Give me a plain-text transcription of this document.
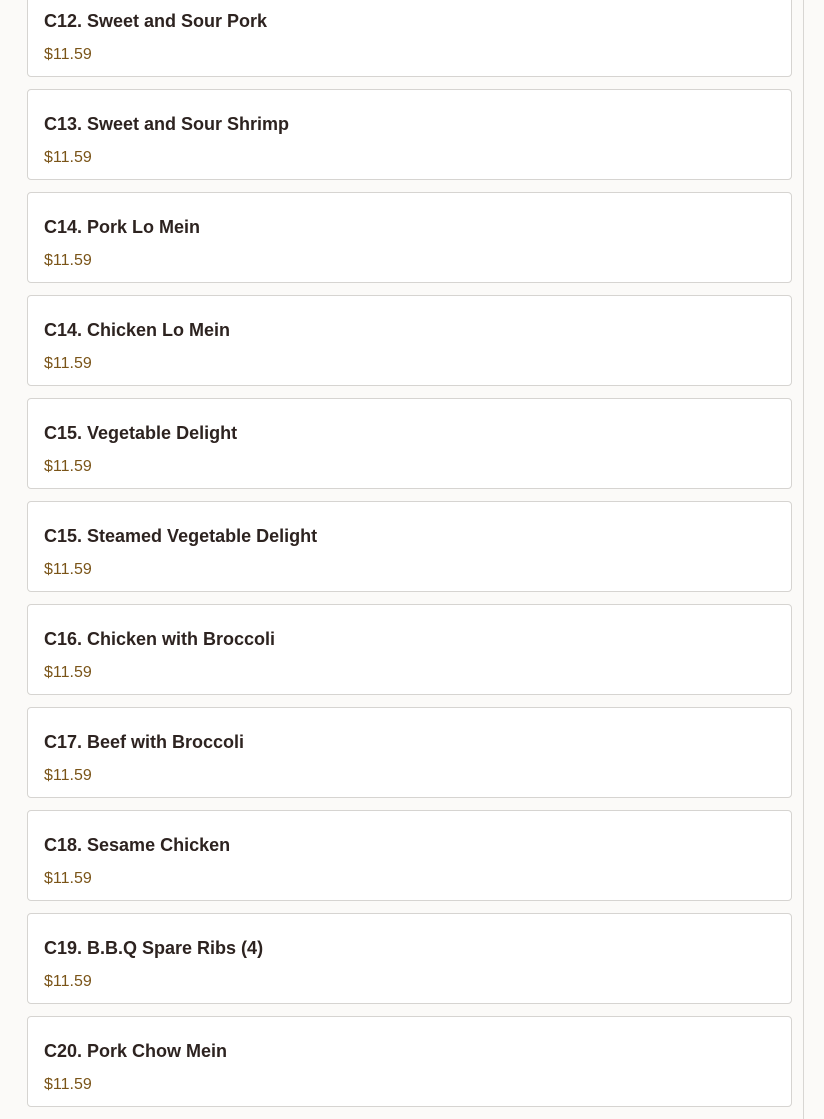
C12. Sweet and Sour Pork
$11.59
C13. Sweet and Sour Shrimp
$11.59
C14. Pork Lo Mein
$11.59
C14. Chicken Lo Mein
$11.59
C15. Vegetable Delight
$11.59
C15. Steamed Vegetable Delight
$11.59
C16. Chicken with Broccoli
$11.59
C17. Beef with Broccoli
$11.59
C18. Sesame Chicken
$11.59
C19. B.B.Q Spare Ribs (4)
$11.59
C20. Pork Chow Mein
$11.59
